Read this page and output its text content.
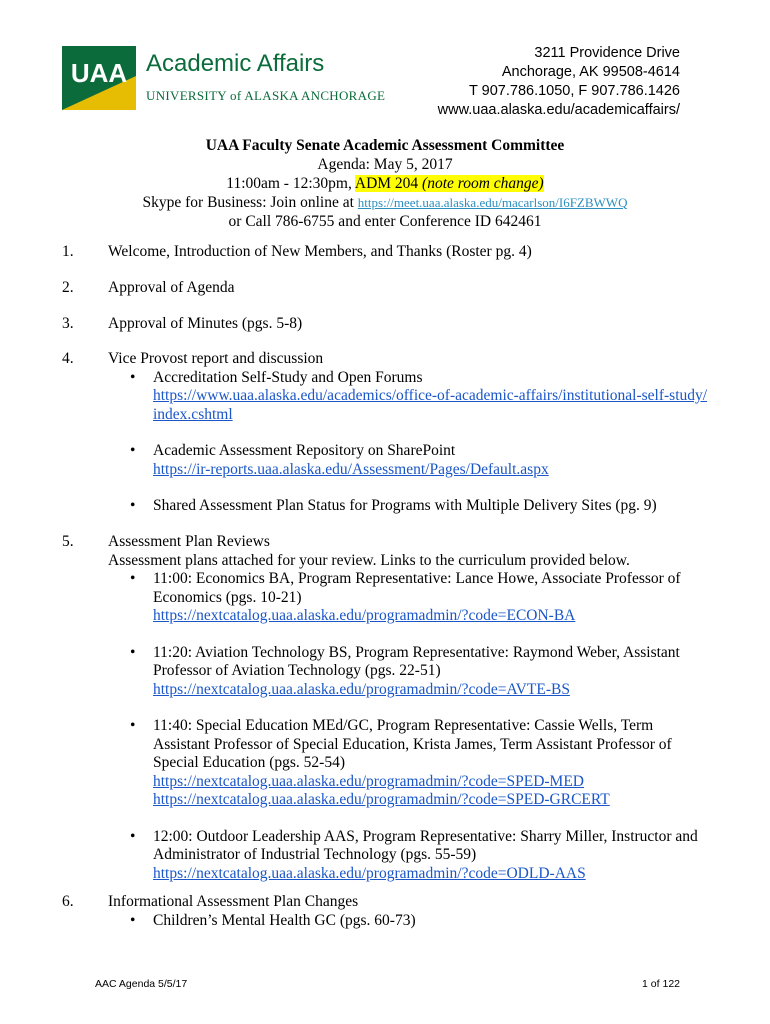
UAA Academic Affairs
UNIVERSITY of ALASKA ANCHORAGE
3211 Providence Drive
Anchorage, AK 99508-4614
T 907.786.1050, F 907.786.1426
www.uaa.alaska.edu/academicaffairs/
UAA Faculty Senate Academic Assessment Committee
Agenda: May 5, 2017
11:00am - 12:30pm, ADM 204 (note room change)
Skype for Business: Join online at https://meet.uaa.alaska.edu/macarlson/I6FZBWWQ
or Call 786-6755 and enter Conference ID 642461
1. Welcome, Introduction of New Members, and Thanks (Roster pg. 4)
2. Approval of Agenda
3. Approval of Minutes (pgs. 5-8)
4. Vice Provost report and discussion
• Accreditation Self-Study and Open Forums
https://www.uaa.alaska.edu/academics/office-of-academic-affairs/institutional-self-study/index.cshtml
• Academic Assessment Repository on SharePoint
https://ir-reports.uaa.alaska.edu/Assessment/Pages/Default.aspx
• Shared Assessment Plan Status for Programs with Multiple Delivery Sites (pg. 9)
5. Assessment Plan Reviews
Assessment plans attached for your review. Links to the curriculum provided below.
• 11:00: Economics BA, Program Representative: Lance Howe, Associate Professor of Economics (pgs. 10-21)
https://nextcatalog.uaa.alaska.edu/programadmin/?code=ECON-BA
• 11:20: Aviation Technology BS, Program Representative: Raymond Weber, Assistant Professor of Aviation Technology (pgs. 22-51)
https://nextcatalog.uaa.alaska.edu/programadmin/?code=AVTE-BS
• 11:40: Special Education MEd/GC, Program Representative: Cassie Wells, Term Assistant Professor of Special Education, Krista James, Term Assistant Professor of Special Education (pgs. 52-54)
https://nextcatalog.uaa.alaska.edu/programadmin/?code=SPED-MED
https://nextcatalog.uaa.alaska.edu/programadmin/?code=SPED-GRCERT
• 12:00: Outdoor Leadership AAS, Program Representative: Sharry Miller, Instructor and Administrator of Industrial Technology (pgs. 55-59)
https://nextcatalog.uaa.alaska.edu/programadmin/?code=ODLD-AAS
6. Informational Assessment Plan Changes
• Children’s Mental Health GC (pgs. 60-73)
AAC Agenda 5/5/17	1 of 122
